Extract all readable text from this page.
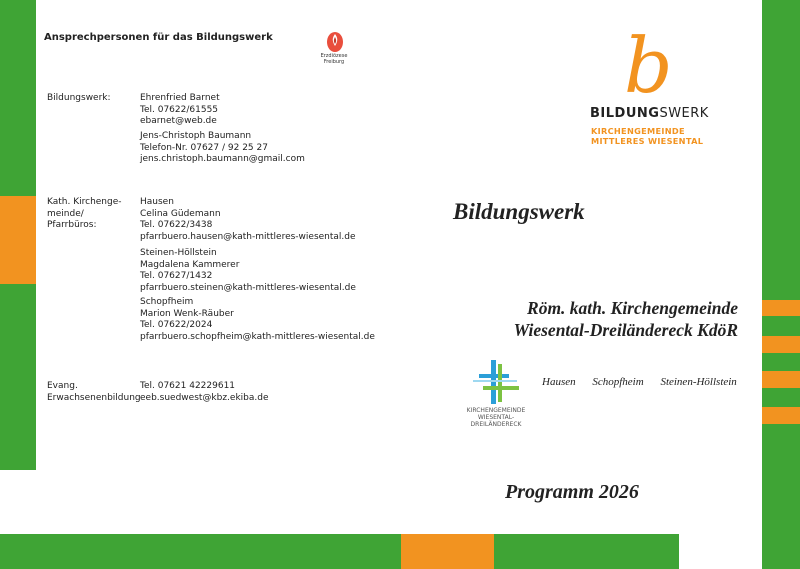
Ansprechpersonen für das Bildungswerk
Erzdiözese
Freiburg
Bildungswerk:	Ehrenfried Barnet
Tel. 07622/61555
ebarnet@web.de
Jens-Christoph Baumann
Telefon-Nr. 07627 / 92 25 27
jens.christoph.baumann@gmail.com
Kath. Kirchenge-
meinde/
Pfarrbüros:
Hausen
Celina Güdemann
Tel. 07622/3438
pfarrbuero.hausen@kath-mittleres-wiesental.de
Steinen-Höllstein
Magdalena Kammerer
Tel. 07627/1432
pfarrbuero.steinen@kath-mittleres-wiesental.de
Schopfheim
Marion Wenk-Räuber
Tel. 07622/2024
pfarrbuero.schopfheim@kath-mittleres-wiesental.de
Evang.
Erwachsenenbildung
Tel. 07621 42229611
eeb.suedwest@kbz.ekiba.de
b
BILDUNGSWERK
KIRCHENGEMEINDE
MITTLERES WIESENTAL
Bildungswerk
Röm. kath. Kirchengemeinde
Wiesental-Dreiländereck KdöR
KIRCHENGEMEINDE
WIESENTAL-
DREILÄNDERECK
Hausen Schopfheim Steinen-Höllstein
Programm 2026
